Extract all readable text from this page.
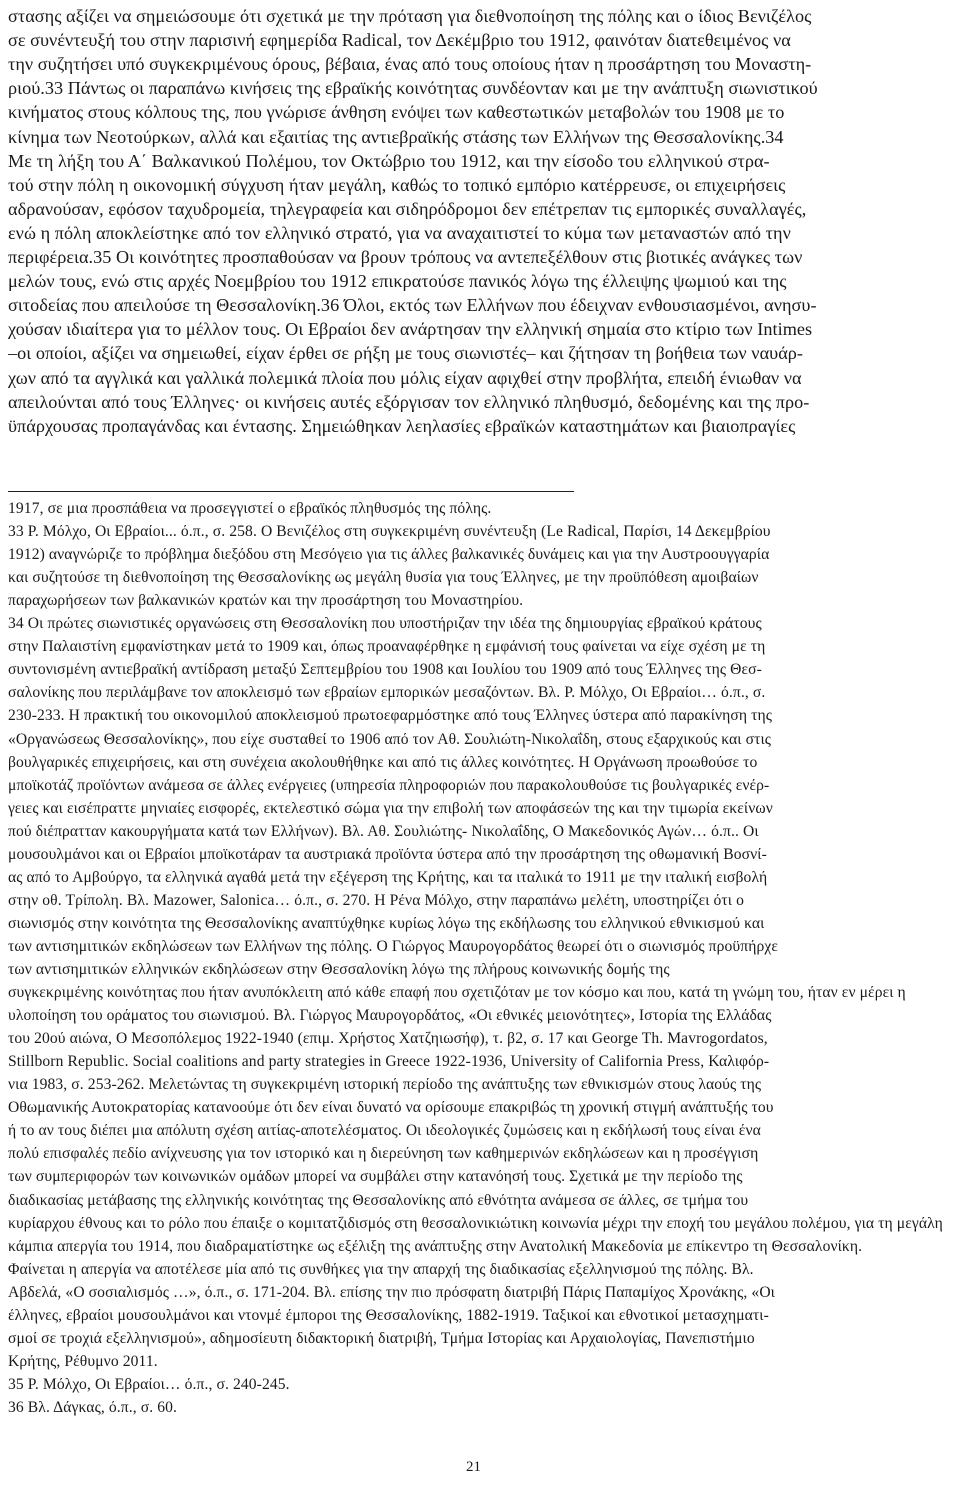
στασης αξίζει να σημειώσουμε ότι σχετικά με την πρόταση για διεθνοποίηση της πόλης και ο ίδιος Βενιζέλος
σε συνέντευξή του στην παρισινή εφημερίδα Radical, τον Δεκέμβριο του 1912, φαινόταν διατεθειμένος να
την συζητήσει υπό συγκεκριμένους όρους, βέβαια, ένας από τους οποίους ήταν η προσάρτηση του Μοναστη-
ριού.33 Πάντως οι παραπάνω κινήσεις της εβραϊκής κοινότητας συνδέονταν και με την ανάπτυξη σιωνιστικού
κινήματος στους κόλπους της, που γνώρισε άνθηση ενόψει των καθεστωτικών μεταβολών του 1908 με το
κίνημα των Νεοτούρκων, αλλά και εξαιτίας της αντιεβραϊκής στάσης των Ελλήνων της Θεσσαλονίκης.34
Με τη λήξη του Α΄ Βαλκανικού Πολέμου, τον Οκτώβριο του 1912, και την είσοδο του ελληνικού στρα-
τού στην πόλη η οικονομική σύγχυση ήταν μεγάλη, καθώς το τοπικό εμπόριο κατέρρευσε, οι επιχειρήσεις
αδρανούσαν, εφόσον ταχυδρομεία, τηλεγραφεία και σιδηρόδρομοι δεν επέτρεπαν τις εμπορικές συναλλαγές,
ενώ η πόλη αποκλείστηκε από τον ελληνικό στρατό, για να αναχαιτιστεί το κύμα των μεταναστών από την
περιφέρεια.35 Οι κοινότητες προσπαθούσαν να βρουν τρόπους να αντεπεξέλθουν στις βιοτικές ανάγκες των
μελών τους, ενώ στις αρχές Νοεμβρίου του 1912 επικρατούσε πανικός λόγω της έλλειψης ψωμιού και της
σιτοδείας που απειλούσε τη Θεσσαλονίκη.36 Όλοι, εκτός των Ελλήνων που έδειχναν ενθουσιασμένοι, ανησυ-
χούσαν ιδιαίτερα για το μέλλον τους. Οι Εβραίοι δεν ανάρτησαν την ελληνική σημαία στο κτίριο των Intimes
–οι οποίοι, αξίζει να σημειωθεί, είχαν έρθει σε ρήξη με τους σιωνιστές– και ζήτησαν τη βοήθεια των ναυάρ-
χων από τα αγγλικά και γαλλικά πολεμικά πλοία που μόλις είχαν αφιχθεί στην προβλήτα, επειδή ένιωθαν να
απειλούνται από τους Έλληνες· οι κινήσεις αυτές εξόργισαν τον ελληνικό πληθυσμό, δεδομένης και της προ-
ϋπάρχουσας προπαγάνδας και έντασης. Σημειώθηκαν λεηλασίες εβραϊκών καταστημάτων και βιαιοπραγίες
1917, σε μια προσπάθεια να προσεγγιστεί ο εβραϊκός πληθυσμός της πόλης.
33 Ρ. Μόλχο, Οι Εβραίοι... ό.π., σ. 258. Ο Βενιζέλος στη συγκεκριμένη συνέντευξη (Le Radical, Παρίσι, 14 Δεκεμβρίου
1912) αναγνώριζε το πρόβλημα διεξόδου στη Μεσόγειο για τις άλλες βαλκανικές δυνάμεις και για την Αυστροουγγαρία
και συζητούσε τη διεθνοποίηση της Θεσσαλονίκης ως μεγάλη θυσία για τους Έλληνες, με την προϋπόθεση αμοιβαίων
παραχωρήσεων των βαλκανικών κρατών και την προσάρτηση του Μοναστηρίου.
34 Οι πρώτες σιωνιστικές οργανώσεις στη Θεσσαλονίκη που υποστήριζαν την ιδέα της δημιουργίας εβραϊκού κράτους
στην Παλαιστίνη εμφανίστηκαν μετά το 1909 και, όπως προαναφέρθηκε η εμφάνισή τους φαίνεται να είχε σχέση με τη
συντονισμένη αντιεβραϊκή αντίδραση μεταξύ Σεπτεμβρίου του 1908 και Ιουλίου του 1909 από τους Έλληνες της Θεσ-
σαλονίκης που περιλάμβανε τον αποκλεισμό των εβραίων εμπορικών μεσαζόντων. Βλ. Ρ. Μόλχο, Οι Εβραίοι… ό.π., σ.
230-233. Η πρακτική του οικονομιλού αποκλεισμού πρωτοεφαρμόστηκε από τους Έλληνες ύστερα από παρακίνηση της
«Οργανώσεως Θεσσαλονίκης», που είχε συσταθεί το 1906 από τον Αθ. Σουλιώτη-Νικολαΐδη, στους εξαρχικούς και στις
βουλγαρικές επιχειρήσεις, και στη συνέχεια ακολουθήθηκε και από τις άλλες κοινότητες. Η Οργάνωση προωθούσε το
μποϊκοτάζ προϊόντων ανάμεσα σε άλλες ενέργειες (υπηρεσία πληροφοριών που παρακολουθούσε τις βουλγαρικές ενέρ-
γειες και εισέπραττε μηνιαίες εισφορές, εκτελεστικό σώμα για την επιβολή των αποφάσεών της και την τιμωρία εκείνων
πού διέπρατταν κακουργήματα κατά των Ελλήνων). Βλ. Αθ. Σουλιώτης- Νικολαΐδης, Ο Μακεδονικός Αγών… ό.π.. Οι
μουσουλμάνοι και οι Εβραίοι μποϊκοτάραν τα αυστριακά προϊόντα ύστερα από την προσάρτηση της οθωμανική Βοσνί-
ας από το Αμβούργο, τα ελληνικά αγαθά μετά την εξέγερση της Κρήτης, και τα ιταλικά το 1911 με την ιταλική εισβολή
στην οθ. Τρίπολη. Βλ. Mazower, Salonica… ό.π., σ. 270. Η Ρένα Μόλχο, στην παραπάνω μελέτη, υποστηρίζει ότι ο
σιωνισμός στην κοινότητα της Θεσσαλονίκης αναπτύχθηκε κυρίως λόγω της εκδήλωσης του ελληνικού εθνικισμού και
των αντισημιτικών εκδηλώσεων των Ελλήνων της πόλης. Ο Γιώργος Μαυρογορδάτος θεωρεί ότι ο σιωνισμός προϋπήρχε
των αντισημιτικών ελληνικών εκδηλώσεων στην Θεσσαλονίκη λόγω της πλήρους κοινωνικής δομής της
συγκεκριμένης κοινότητας που ήταν ανυπόκλειτη από κάθε επαφή που σχετιζόταν με τον κόσμο και που, κατά τη γνώμη του, ήταν εν μέρει η
υλοποίηση του οράματος του σιωνισμού. Βλ. Γιώργος Μαυρογορδάτος, «Οι εθνικές μειονότητες», Ιστορία της Ελλάδας
του 20ού αιώνα, Ο Μεσοπόλεμος 1922-1940 (επιμ. Χρήστος Χατζηιωσήφ), τ. β2, σ. 17 και George Th. Mavrogordatos,
Stillborn Republic. Social coalitions and party strategies in Greece 1922-1936, University of California Press, Καλιφόρ-
νια 1983, σ. 253-262. Μελετώντας τη συγκεκριμένη ιστορική περίοδο της ανάπτυξης των εθνικισμών στους λαούς της
Οθωμανικής Αυτοκρατορίας κατανοούμε ότι δεν είναι δυνατό να ορίσουμε επακριβώς τη χρονική στιγμή ανάπτυξής του
ή το αν τους διέπει μια απόλυτη σχέση αιτίας-αποτελέσματος. Οι ιδεολογικές ζυμώσεις και η εκδήλωσή τους είναι ένα
πολύ επισφαλές πεδίο ανίχνευσης για τον ιστορικό και η διερεύνηση των καθημερινών εκδηλώσεων και η προσέγγιση
των συμπεριφορών των κοινωνικών ομάδων μπορεί να συμβάλει στην κατανόησή τους. Σχετικά με την περίοδο της
διαδικασίας μετάβασης της ελληνικής κοινότητας της Θεσσαλονίκης από εθνότητα ανάμεσα σε άλλες, σε τμήμα του
κυρίαρχου έθνους και το ρόλο που έπαιξε ο κομιτατζιδισμός στη θεσσαλονικιώτικη κοινωνία μέχρι την εποχή του μεγάλου πολέμου, για τη μεγάλη
κάμπια απεργία του 1914, που διαδραματίστηκε ως εξέλιξη της ανάπτυξης στην Ανατολική Μακεδονία με επίκεντρο τη Θεσσαλονίκη.
Φαίνεται η απεργία να αποτέλεσε μία από τις συνθήκες για την απαρχή της διαδικασίας εξελληνισμού της πόλης. Βλ.
Αβδελά, «Ο σοσιαλισμός …», ό.π., σ. 171-204. Βλ. επίσης την πιο πρόσφατη διατριβή Πάρις Παπαμίχος Χρονάκης, «Οι
έλληνες, εβραίοι μουσουλμάνοι και ντονμέ έμποροι της Θεσσαλονίκης, 1882-1919. Ταξικοί και εθνοτικοί μετασχηματι-
σμοί σε τροχιά εξελληνισμού», αδημοσίευτη διδακτορική διατριβή, Τμήμα Ιστορίας και Αρχαιολογίας, Πανεπιστήμιο
Κρήτης, Ρέθυμνο 2011.
35 Ρ. Μόλχο, Οι Εβραίοι… ό.π., σ. 240-245.
36 Βλ. Δάγκας, ό.π., σ. 60.
21
